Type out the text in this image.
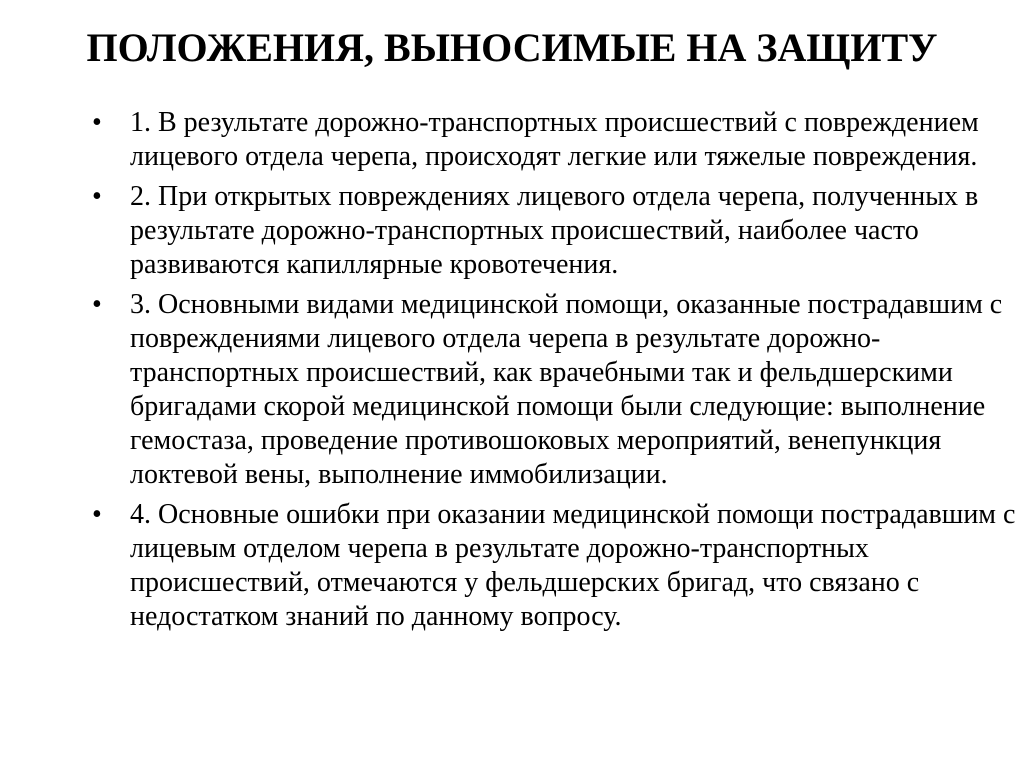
ПОЛОЖЕНИЯ, ВЫНОСИМЫЕ НА ЗАЩИТУ
•	1. В результате дорожно-транспортных происшествий с повреждением лицевого отдела черепа, происходят легкие или тяжелые повреждения.
•	2. При открытых повреждениях лицевого отдела черепа, полученных в результате дорожно-транспортных происшествий, наиболее часто развиваются капиллярные кровотечения.
•	3. Основными видами медицинской помощи, оказанные пострадавшим с повреждениями лицевого отдела черепа в результате дорожно-транспортных происшествий, как врачебными так и фельдшерскими бригадами скорой медицинской помощи были следующие: выполнение гемостаза, проведение противошоковых мероприятий, венепункция локтевой вены, выполнение иммобилизации.
•	4. Основные ошибки при оказании медицинской помощи пострадавшим с лицевым отделом черепа в результате дорожно-транспортных происшествий, отмечаются у фельдшерских бригад, что связано с недостатком знаний по данному вопросу.
